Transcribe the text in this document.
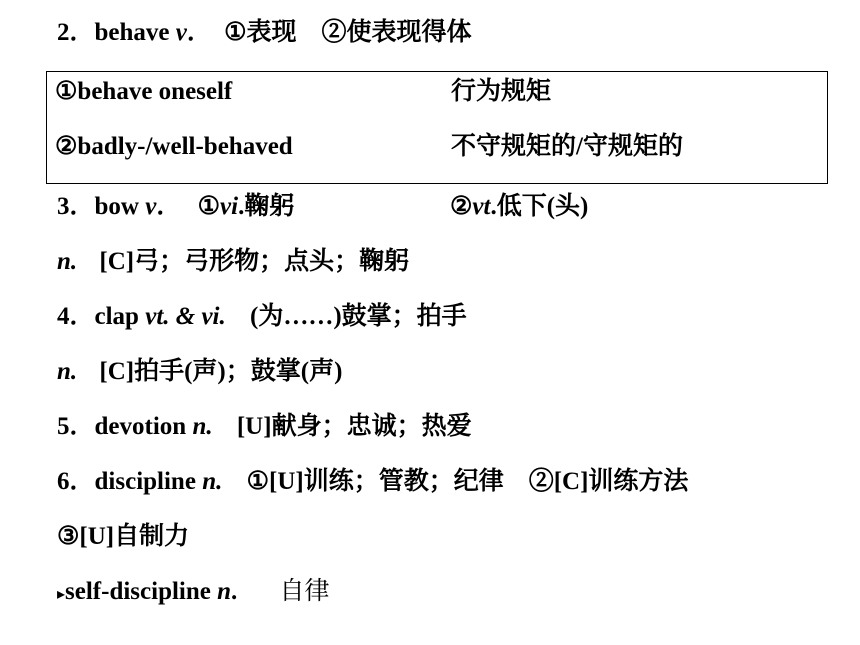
2．behave v． ①表现　②使表现得体
①behave oneself	行为规矩
②badly-/well-behaved	不守规矩的/守规矩的
3．bow v． ①vi.鞠躬	②vt.低下(头)
n. [C]弓；弓形物；点头；鞠躬
4．clap vt. & vi. (为……)鼓掌；拍手
n. [C]拍手(声)；鼓掌(声)
5．devotion n. [U]献身；忠诚；热爱
6．discipline n. ①[U]训练；管教；纪律　②[C]训练方法
③[U]自制力
▸self-discipline n. 自律
